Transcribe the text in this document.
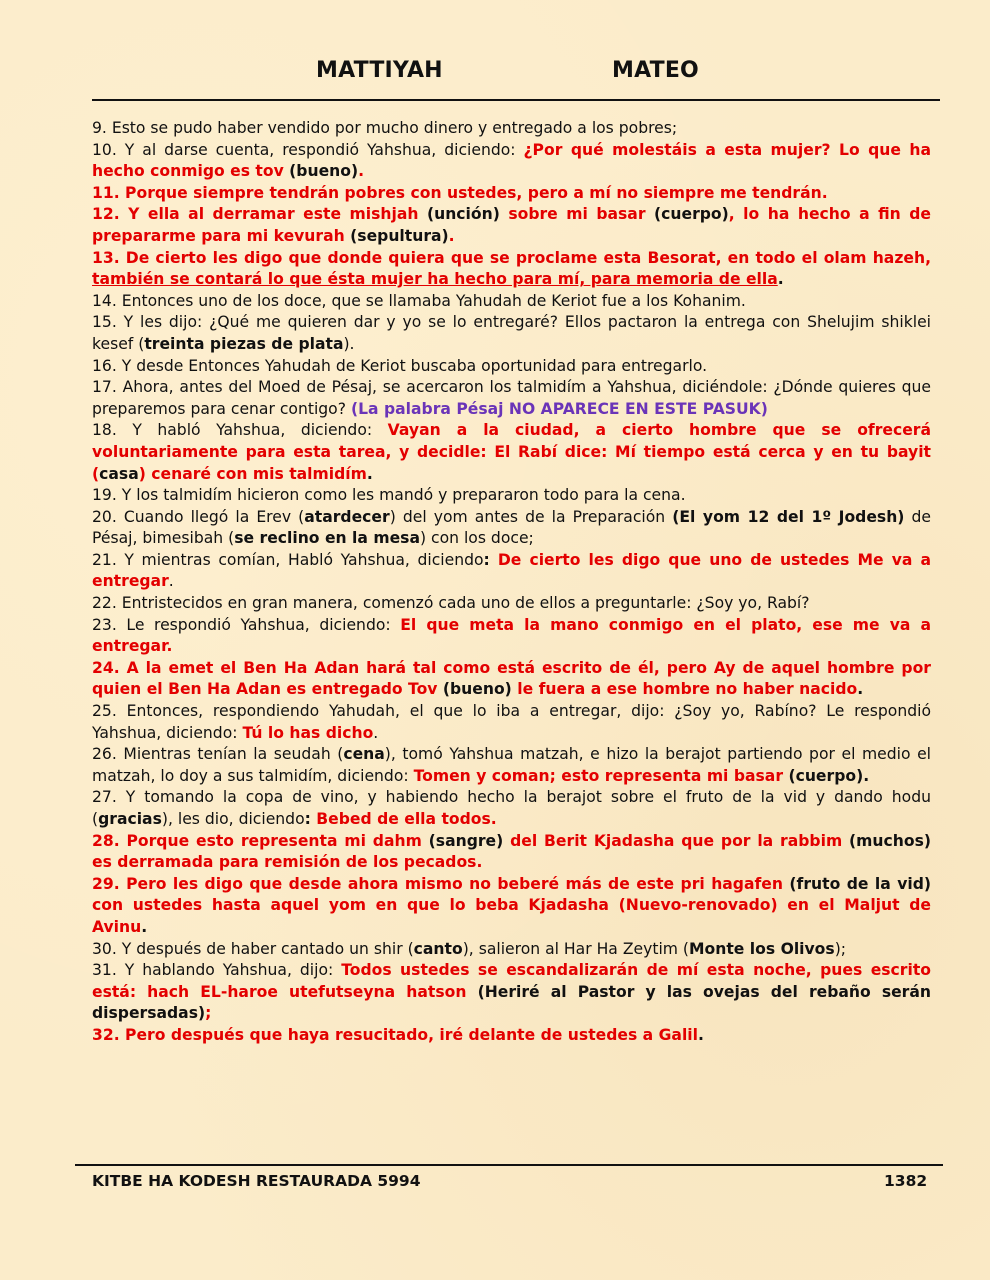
MATTIYAH	MATEO

9. Esto se pudo haber vendido por mucho dinero y entregado a los pobres;

10. Y al darse cuenta, respondió Yahshua, diciendo: ¿Por qué molestáis a esta mujer? Lo que ha hecho conmigo es tov (bueno).

11. Porque siempre tendrán pobres con ustedes, pero a mí no siempre me tendrán.

12. Y ella al derramar este mishjah (unción) sobre mi basar (cuerpo), lo ha hecho a fin de prepararme para mi kevurah (sepultura).

13. De cierto les digo que donde quiera que se proclame esta Besorat, en todo el olam hazeh, también se contará lo que ésta mujer ha hecho para mí, para memoria de ella.

14. Entonces uno de los doce, que se llamaba Yahudah de Keriot fue a los Kohanim.

15. Y les dijo: ¿Qué me quieren dar y yo se lo entregaré? Ellos pactaron la entrega con Shelujim shiklei kesef (treinta piezas de plata).

16. Y desde Entonces Yahudah de Keriot buscaba oportunidad para entregarlo.

17. Ahora, antes del Moed de Pésaj, se acercaron los talmidím a Yahshua, diciéndole: ¿Dónde quieres que preparemos para cenar contigo? (La palabra Pésaj NO APARECE EN ESTE PASUK)

18. Y habló Yahshua, diciendo: Vayan a la ciudad, a cierto hombre que se ofrecerá voluntariamente para esta tarea, y decidle: El Rabí dice: Mí tiempo está cerca y en tu bayit (casa) cenaré con mis talmidím.

19. Y los talmidím hicieron como les mandó y prepararon todo para la cena.

20. Cuando llegó la Erev (atardecer) del yom antes de la Preparación (El yom 12 del 1º Jodesh) de Pésaj, bimesibah (se reclino en la mesa) con los doce;

21. Y mientras comían, Habló Yahshua, diciendo: De cierto les digo que uno de ustedes Me va a entregar.

22. Entristecidos en gran manera, comenzó cada uno de ellos a preguntarle: ¿Soy yo, Rabí?

23. Le respondió Yahshua, diciendo: El que meta la mano conmigo en el plato, ese me va a entregar.

24. A la emet el Ben Ha Adan hará tal como está escrito de él, pero Ay de aquel hombre por quien el Ben Ha Adan es entregado Tov (bueno) le fuera a ese hombre no haber nacido.

25. Entonces, respondiendo Yahudah, el que lo iba a entregar, dijo: ¿Soy yo, Rabíno? Le respondió Yahshua, diciendo: Tú lo has dicho.

26. Mientras tenían la seudah (cena), tomó Yahshua matzah, e hizo la berajot partiendo por el medio el matzah, lo doy a sus talmidím, diciendo: Tomen y coman; esto representa mi basar (cuerpo).

27. Y tomando la copa de vino, y habiendo hecho la berajot sobre el fruto de la vid y dando hodu (gracias), les dio, diciendo: Bebed de ella todos.

28. Porque esto representa mi dahm (sangre) del Berit Kjadasha que por la rabbim (muchos) es derramada para remisión de los pecados.

29. Pero les digo que desde ahora mismo no beberé más de este pri hagafen (fruto de la vid) con ustedes hasta aquel yom en que lo beba Kjadasha (Nuevo-renovado) en el Maljut de Avinu.

30. Y después de haber cantado un shir (canto), salieron al Har Ha Zeytim (Monte los Olivos);

31. Y hablando Yahshua, dijo: Todos ustedes se escandalizarán de mí esta noche, pues escrito está: hach EL-haroe utefutseyna hatson (Heriré al Pastor y las ovejas del rebaño serán dispersadas);

32. Pero después que haya resucitado, iré delante de ustedes a Galil.

KITBE HA KODESH RESTAURADA 5994	1382
